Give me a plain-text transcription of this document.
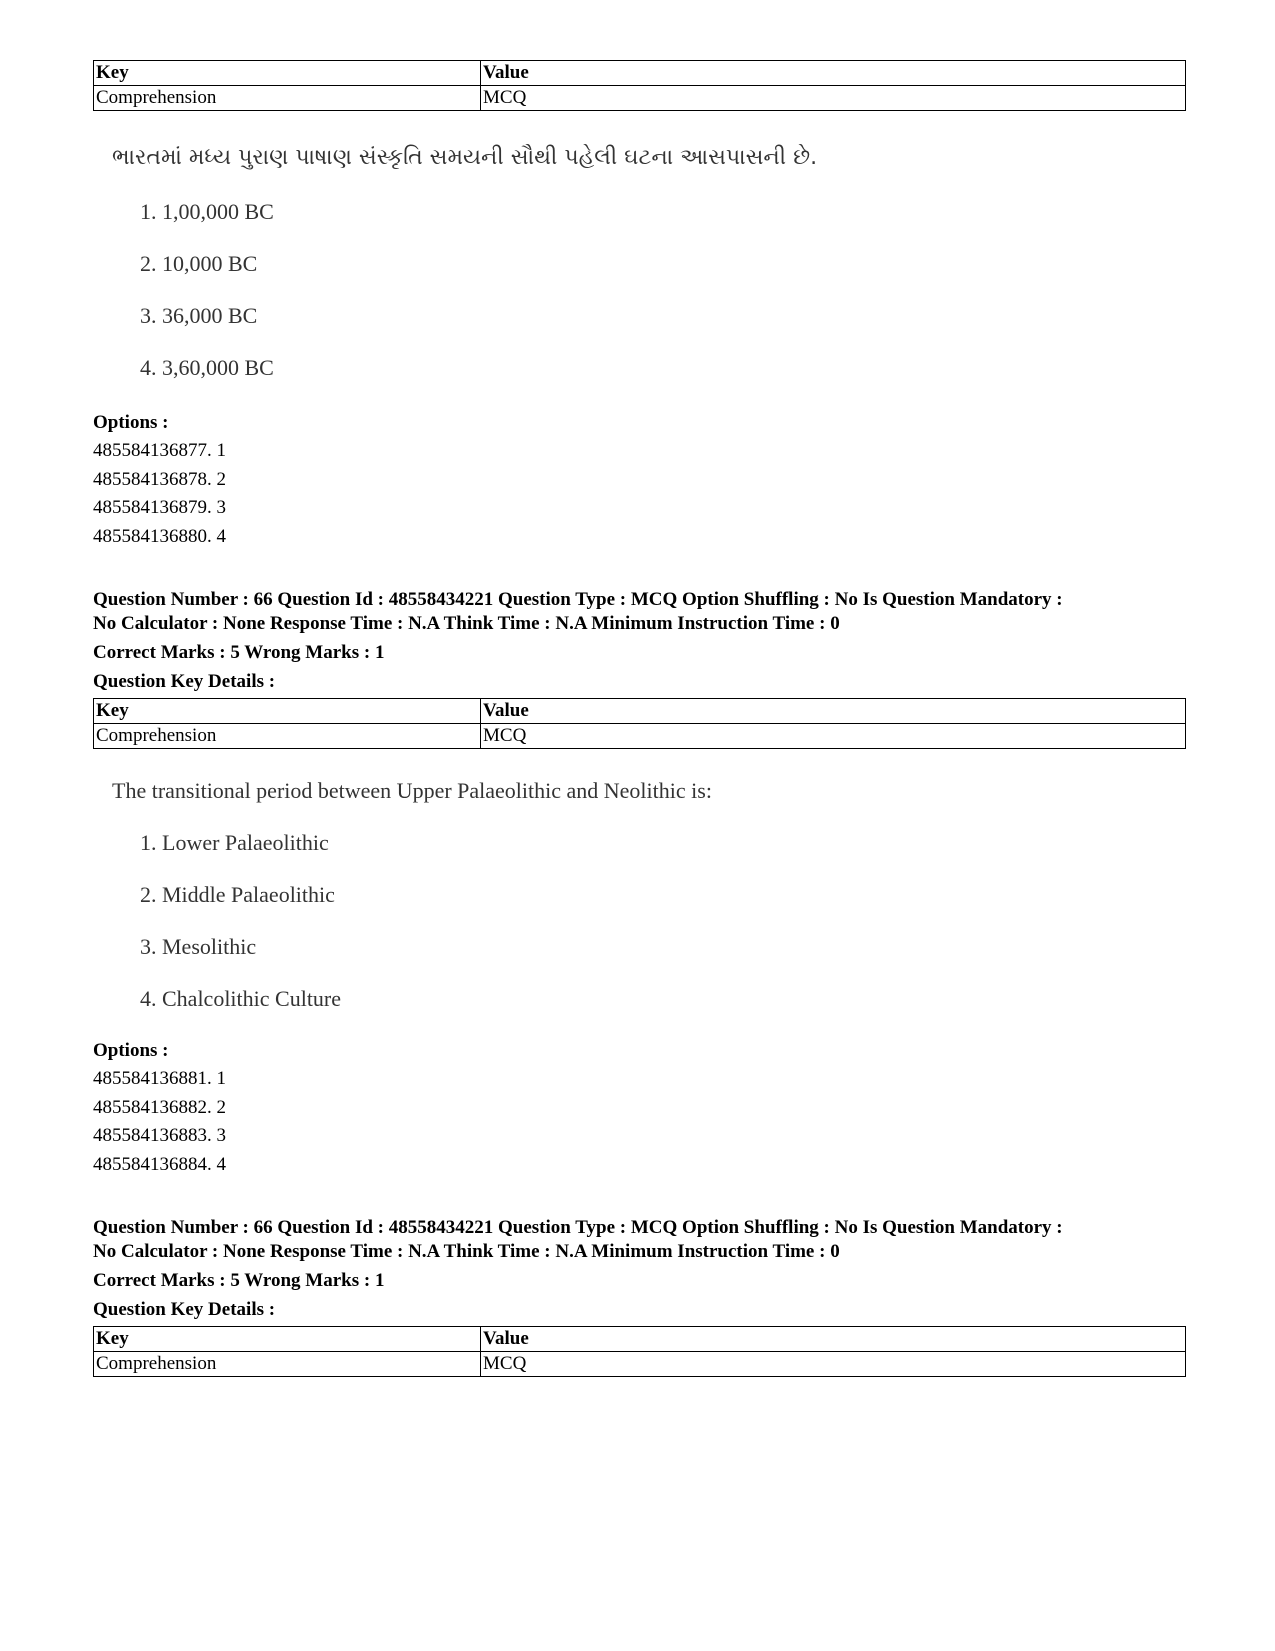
Key	Value
Comprehension	MCQ
ભારતમાં મધ્ય પુરાણ પાષાણ સંસ્કૃતિ સમયની સૌથી પહેલી ઘટના આસપાસની છે.
1. 1,00,000 BC
2. 10,000 BC
3. 36,000 BC
4. 3,60,000 BC
Options :
485584136877. 1
485584136878. 2
485584136879. 3
485584136880. 4
Question Number : 66 Question Id : 48558434221 Question Type : MCQ Option Shuffling : No Is Question Mandatory :
No Calculator : None Response Time : N.A Think Time : N.A Minimum Instruction Time : 0
Correct Marks : 5 Wrong Marks : 1
Question Key Details :
Key	Value
Comprehension	MCQ
The transitional period between Upper Palaeolithic and Neolithic is:
1. Lower Palaeolithic
2. Middle Palaeolithic
3. Mesolithic
4. Chalcolithic Culture
Options :
485584136881. 1
485584136882. 2
485584136883. 3
485584136884. 4
Question Number : 66 Question Id : 48558434221 Question Type : MCQ Option Shuffling : No Is Question Mandatory :
No Calculator : None Response Time : N.A Think Time : N.A Minimum Instruction Time : 0
Correct Marks : 5 Wrong Marks : 1
Question Key Details :
Key	Value
Comprehension	MCQ
